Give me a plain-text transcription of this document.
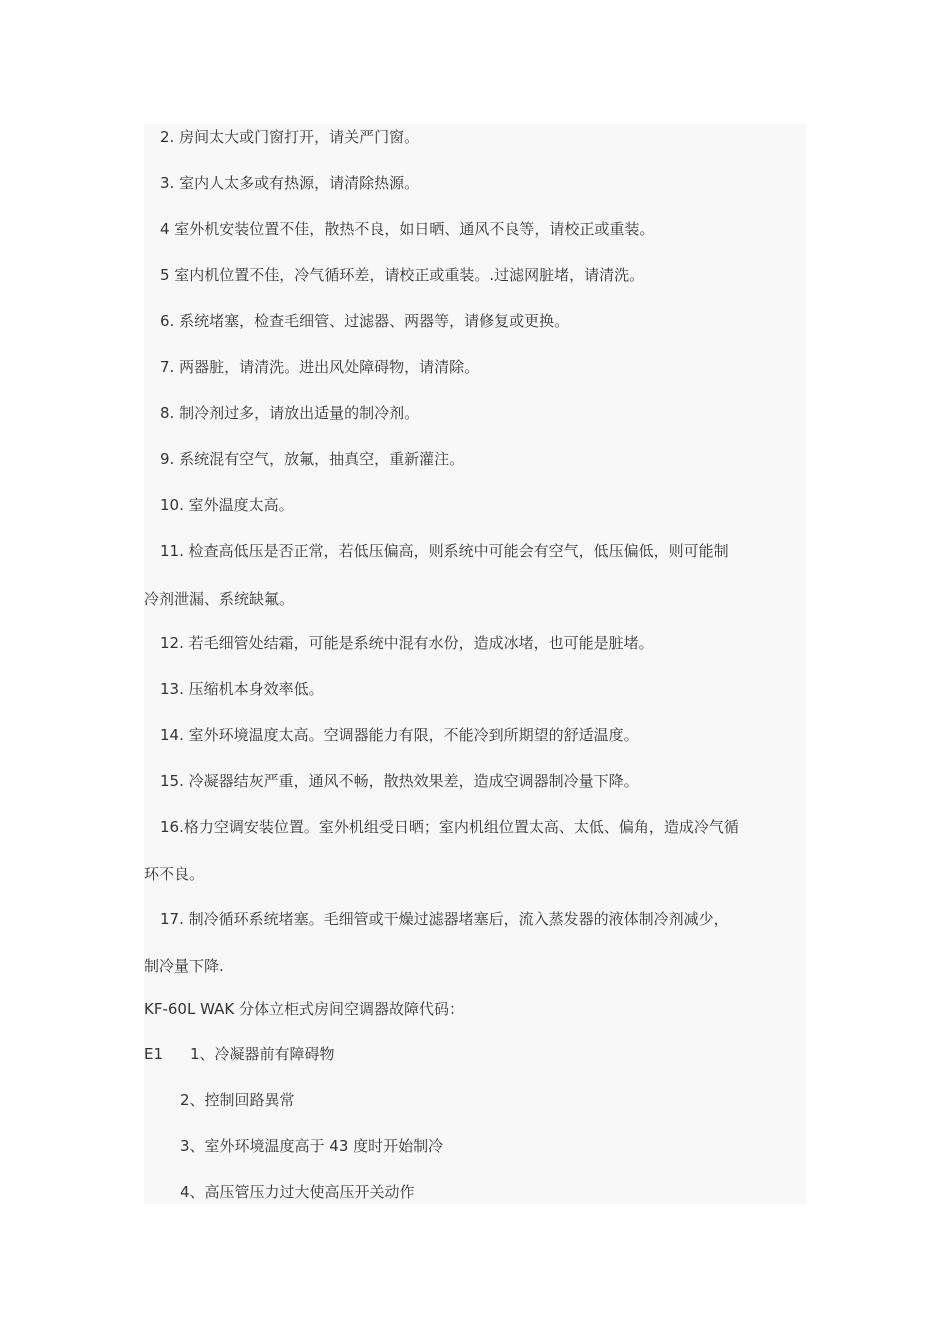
2. 房间太大或门窗打开，请关严门窗。
3. 室内人太多或有热源，请清除热源。
4 室外机安装位置不佳，散热不良，如日晒、通风不良等，请校正或重装。
5 室内机位置不佳，冷气循环差，请校正或重装。.过滤网脏堵，请清洗。
6. 系统堵塞，检查毛细管、过滤器、两器等，请修复或更换。
7. 两器脏，请清洗。进出风处障碍物，请清除。
8. 制冷剂过多，请放出适量的制冷剂。
9. 系统混有空气，放氟，抽真空，重新灌注。
10. 室外温度太高。
11. 检查高低压是否正常，若低压偏高，则系统中可能会有空气，低压偏低，则可能制
冷剂泄漏、系统缺氟。
12. 若毛细管处结霜，可能是系统中混有水份，造成冰堵，也可能是脏堵。
13. 压缩机本身效率低。
14. 室外环境温度太高。空调器能力有限，不能冷到所期望的舒适温度。
15. 冷凝器结灰严重，通风不畅，散热效果差，造成空调器制冷量下降。
16.格力空调安装位置。室外机组受日晒；室内机组位置太高、太低、偏角，造成冷气循
环不良。
17. 制冷循环系统堵塞。毛细管或干燥过滤器堵塞后，流入蒸发器的液体制冷剂减少，
制冷量下降.
KF-60L WAK 分体立柜式房间空调器故障代码：
E1 1、冷凝器前有障碍物
2、控制回路異常
3、室外环境温度高于 43 度时开始制冷
4、高压管压力过大使高压开关动作
